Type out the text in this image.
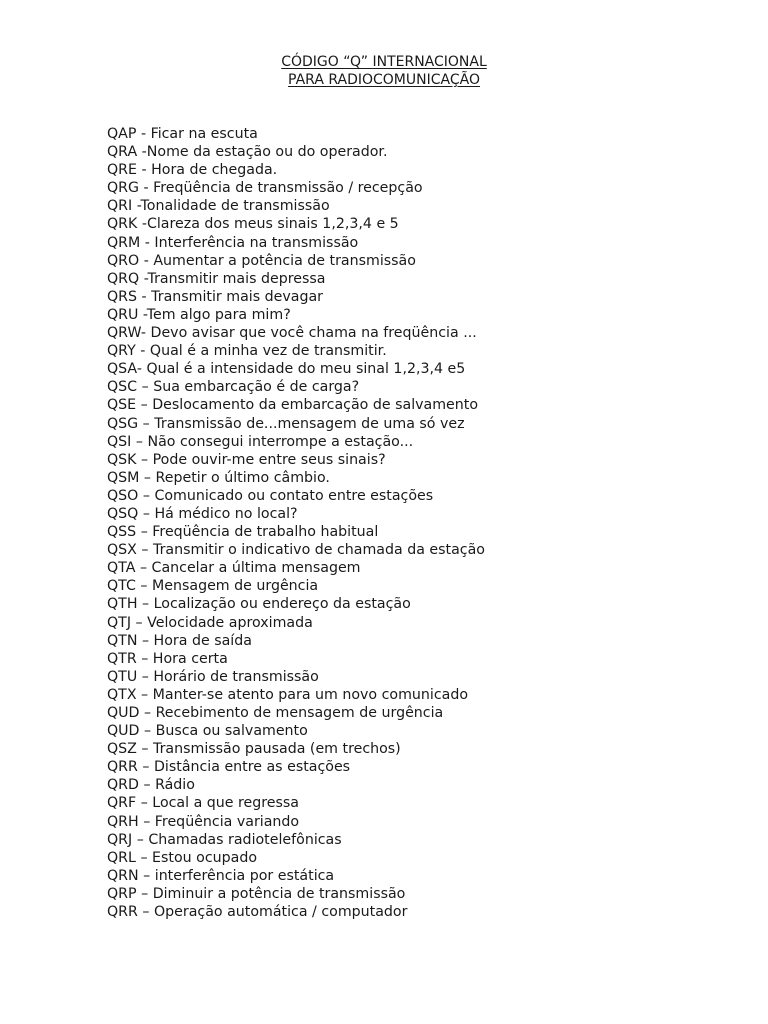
CÓDIGO “Q” INTERNACIONAL
PARA RADIOCOMUNICAÇÃO
QAP - Ficar na escuta
QRA -Nome da estação ou do operador.
QRE - Hora de chegada.
QRG - Freqüência de transmissão / recepção
QRI -Tonalidade de transmissão
QRK -Clareza dos meus sinais 1,2,3,4 e 5
QRM - Interferência na transmissão
QRO - Aumentar a potência de transmissão
QRQ -Transmitir mais depressa
QRS - Transmitir mais devagar
QRU -Tem algo para mim?
QRW- Devo avisar que você chama na freqüência ...
QRY - Qual é a minha vez de transmitir.
QSA- Qual é a intensidade do meu sinal 1,2,3,4 e5
QSC – Sua embarcação é de carga?
QSE – Deslocamento da embarcação de salvamento
QSG – Transmissão de...mensagem de uma só vez
QSI – Não consegui interrompe a estação...
QSK – Pode ouvir-me entre seus sinais?
QSM – Repetir o último câmbio.
QSO – Comunicado ou contato entre estações
QSQ – Há médico no local?
QSS – Freqüência de trabalho habitual
QSX – Transmitir o indicativo de chamada da estação
QTA – Cancelar a última mensagem
QTC – Mensagem de urgência
QTH – Localização ou endereço da estação
QTJ – Velocidade aproximada
QTN – Hora de saída
QTR – Hora certa
QTU – Horário de transmissão
QTX – Manter-se atento para um novo comunicado
QUD – Recebimento de mensagem de urgência
QUD – Busca ou salvamento
QSZ – Transmissão pausada (em trechos)
QRR – Distância entre as estações
QRD – Rádio
QRF – Local a que regressa
QRH – Freqüência variando
QRJ – Chamadas radiotelefônicas
QRL – Estou ocupado
QRN – interferência por estática
QRP – Diminuir a potência de transmissão
QRR – Operação automática / computador
